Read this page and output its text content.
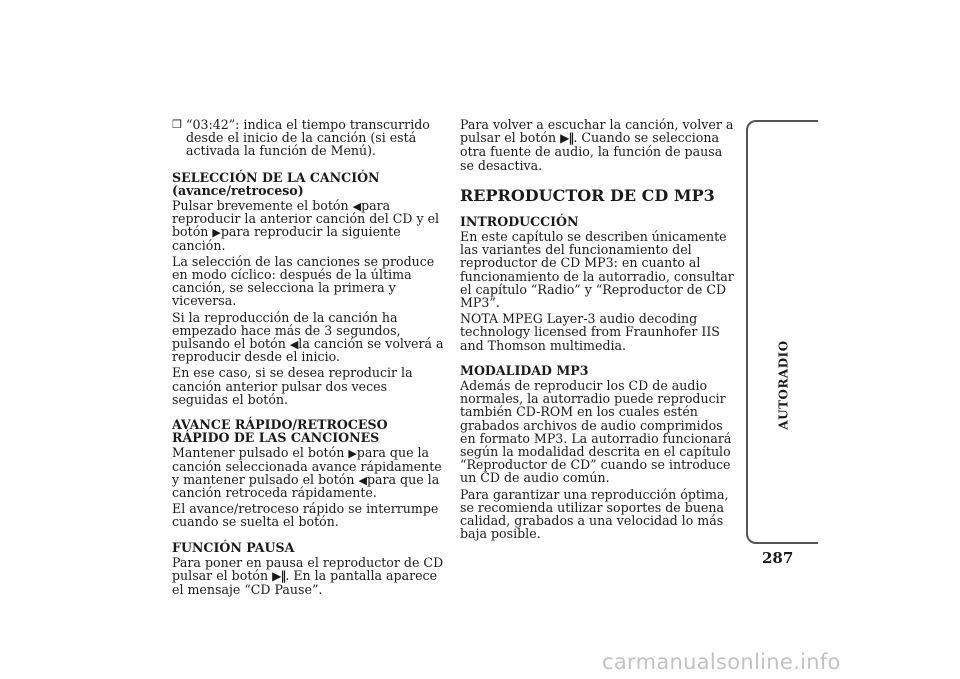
❒ “03:42”: indica el tiempo transcurrido desde el inicio de la canción (si está activada la función de Menú).

SELECCIÓN DE LA CANCIÓN (avance/retroceso)

Pulsar brevemente el botón ◀para reproducir la anterior canción del CD y el botón ▶para reproducir la siguiente canción.

La selección de las canciones se produce en modo cíclico: después de la última canción, se selecciona la primera y viceversa.

Si la reproducción de la canción ha empezado hace más de 3 segundos, pulsando el botón ◀la canción se volverá a reproducir desde el inicio.

En ese caso, si se desea reproducir la canción anterior pulsar dos veces seguidas el botón.

AVANCE RÁPIDO/RETROCESO RÁPIDO DE LAS CANCIONES

Mantener pulsado el botón ▶para que la canción seleccionada avance rápidamente y mantener pulsado el botón ◀para que la canción retroceda rápidamente.

El avance/retroceso rápido se interrumpe cuando se suelta el botón.

FUNCIÓN PAUSA

Para poner en pausa el reproductor de CD pulsar el botón ▶‖. En la pantalla aparece el mensaje “CD Pause”.

Para volver a escuchar la canción, volver a pulsar el botón ▶‖. Cuando se selecciona otra fuente de audio, la función de pausa se desactiva.

REPRODUCTOR DE CD MP3
INTRODUCCIÓN

En este capítulo se describen únicamente las variantes del funcionamiento del reproductor de CD MP3: en cuanto al funcionamiento de la autorradio, consultar el capítulo “Radio” y “Reproductor de CD MP3”.

NOTA MPEG Layer-3 audio decoding technology licensed from Fraunhofer IIS and Thomson multimedia.

MODALIDAD MP3

Además de reproducir los CD de audio normales, la autorradio puede reproducir también CD-ROM en los cuales estén grabados archivos de audio comprimidos en formato MP3. La autorradio funcionará según la modalidad descrita en el capítulo “Reproductor de CD” cuando se introduce un CD de audio común.

Para garantizar una reproducción óptima, se recomienda utilizar soportes de buena calidad, grabados a una velocidad lo más baja posible.

AUTORADIO
287
carmanualsonline.info
